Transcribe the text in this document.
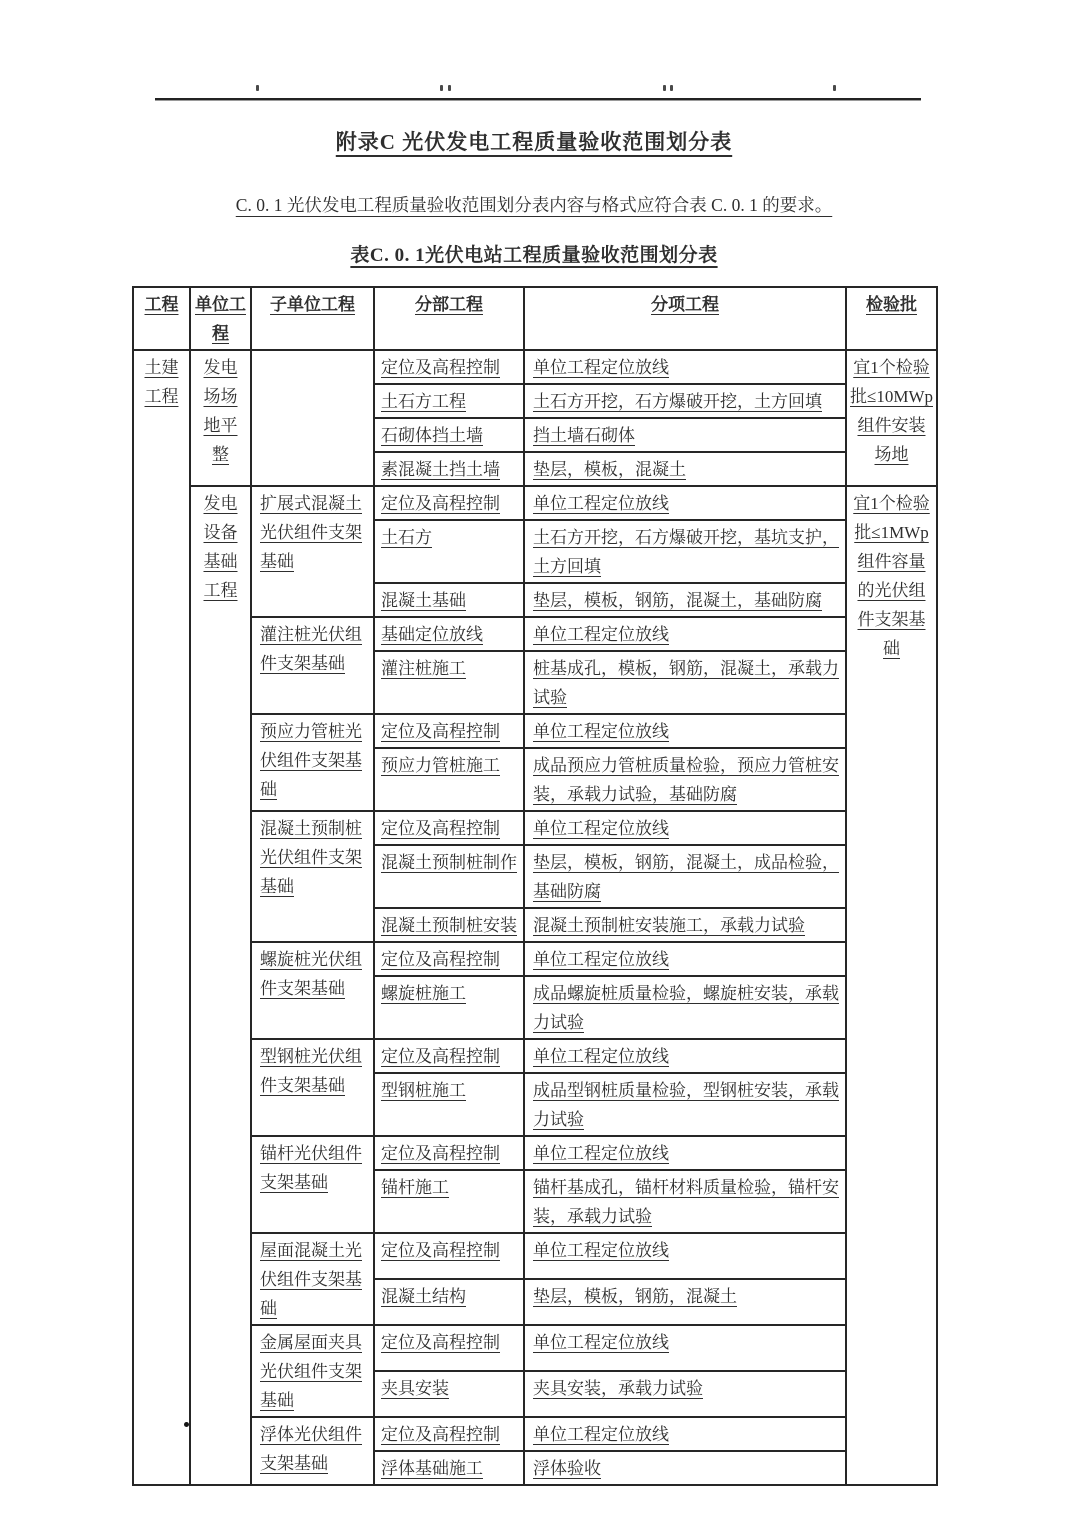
附录C 光伏发电工程质量验收范围划分表
C. 0. 1 光伏发电工程质量验收范围划分表内容与格式应符合表 C. 0. 1 的要求。
表C. 0. 1光伏电站工程质量验收范围划分表
工程	单位工程	子单位工程	分部工程	分项工程	检验批
土建工程	发电场场地平整		定位及高程控制	单位工程定位放线	宜1个检验批≤10MWp 组件安装场地
			土石方工程	土石方开挖，石方爆破开挖，土方回填	
			石砌体挡土墙	挡土墙石砌体	
			素混凝土挡土墙	垫层，模板，混凝土	
	发电设备基础工程	扩展式混凝土光伏组件支架基础	定位及高程控制	单位工程定位放线	宜1个检验批≤1MWp 组件容量的光伏组件支架基础
			土石方	土石方开挖，石方爆破开挖，基坑支护，土方回填	
			混凝土基础	垫层，模板，钢筋，混凝土，基础防腐	
		灌注桩光伏组件支架基础	基础定位放线	单位工程定位放线	
			灌注桩施工	桩基成孔，模板，钢筋，混凝土，承载力试验	
		预应力管桩光伏组件支架基础	定位及高程控制	单位工程定位放线	
			预应力管桩施工	成品预应力管桩质量检验，预应力管桩安装，承载力试验，基础防腐	
		混凝土预制桩光伏组件支架基础	定位及高程控制	单位工程定位放线	
			混凝土预制桩制作	垫层，模板，钢筋，混凝土，成品检验，基础防腐	
			混凝土预制桩安装	混凝土预制桩安装施工，承载力试验	
		螺旋桩光伏组件支架基础	定位及高程控制	单位工程定位放线	
			螺旋桩施工	成品螺旋桩质量检验，螺旋桩安装，承载力试验	
		型钢桩光伏组件支架基础	定位及高程控制	单位工程定位放线	
			型钢桩施工	成品型钢桩质量检验，型钢桩安装，承载力试验	
		锚杆光伏组件支架基础	定位及高程控制	单位工程定位放线	
			锚杆施工	锚杆基成孔，锚杆材料质量检验，锚杆安装，承载力试验	
		屋面混凝土光伏组件支架基础	定位及高程控制	单位工程定位放线	
			混凝土结构	垫层，模板，钢筋，混凝土	
		金属屋面夹具光伏组件支架基础	定位及高程控制	单位工程定位放线	
			夹具安装	夹具安装，承载力试验	
		浮体光伏组件支架基础	定位及高程控制	单位工程定位放线	
			浮体基础施工	浮体验收	
